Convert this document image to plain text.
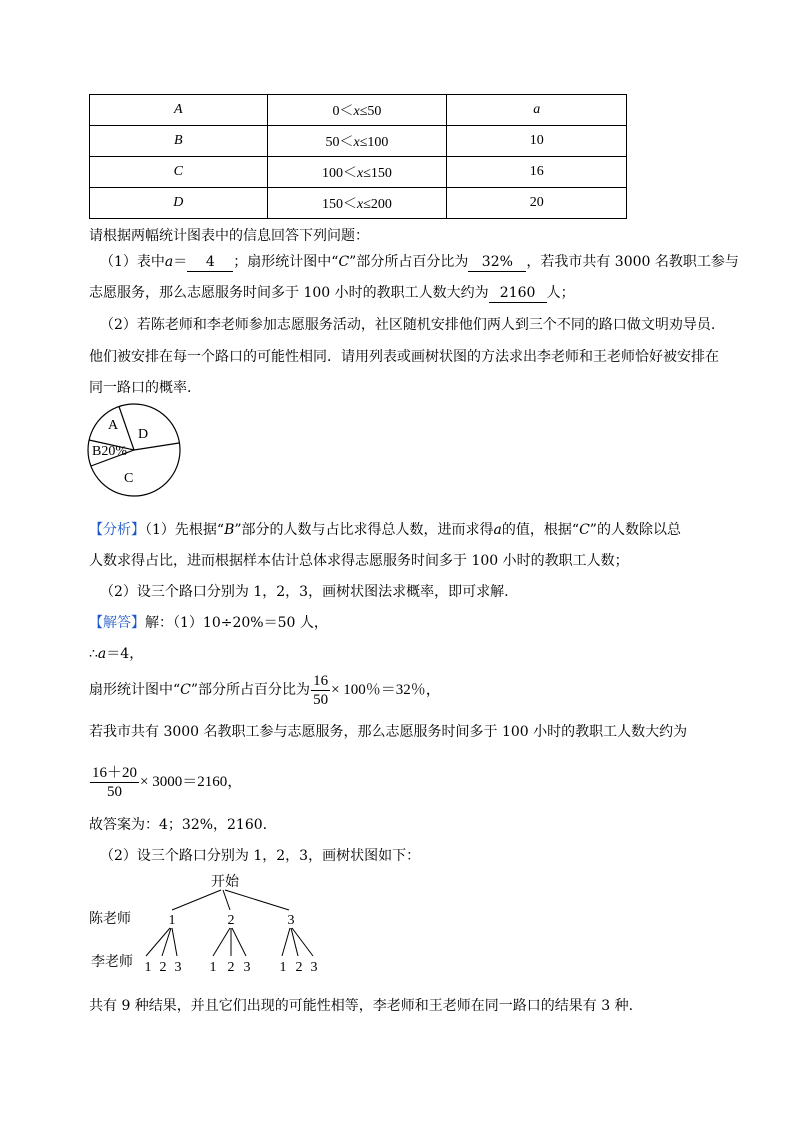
A	0＜x≤50	a
B	50＜x≤100	10
C	100＜x≤150	16
D	150＜x≤200	20
请根据两幅统计图表中的信息回答下列问题：
（1）表中a＝ 4 ；扇形统计图中“C”部分所占百分比为 32% ，若我市共有 3000 名教职工参与
志愿服务，那么志愿服务时间多于 100 小时的教职工人数大约为 2160 人；
（2）若陈老师和李老师参加志愿服务活动，社区随机安排他们两人到三个不同的路口做文明劝导员.
他们被安排在每一个路口的可能性相同．请用列表或画树状图的方法求出李老师和王老师恰好被安排在
同一路口的概率.
A
B20%
C
D
【分析】（1）先根据“B”部分的人数与占比求得总人数，进而求得a的值，根据“C”的人数除以总
人数求得占比，进而根据样本估计总体求得志愿服务时间多于 100 小时的教职工人数；
（2）设三个路口分别为 1，2，3，画树状图法求概率，即可求解.
【解答】解：（1）10÷20%＝50 人，
∴a＝4，
扇形统计图中“C”部分所占百分比为 $\frac{16}{50} \times 100$％＝32％，
若我市共有 3000 名教职工参与志愿服务，那么志愿服务时间多于 100 小时的教职工人数大约为
$\frac{16+20}{50} \times 3000=2160$，
故答案为：4；32%，2160.
（2）设三个路口分别为 1，2，3，画树状图如下：
陈老师
李老师
开始
1	2	3
1 2 3 1 2 3 1 2 3
共有 9 种结果，并且它们出现的可能性相等，李老师和王老师在同一路口的结果有 3 种.
